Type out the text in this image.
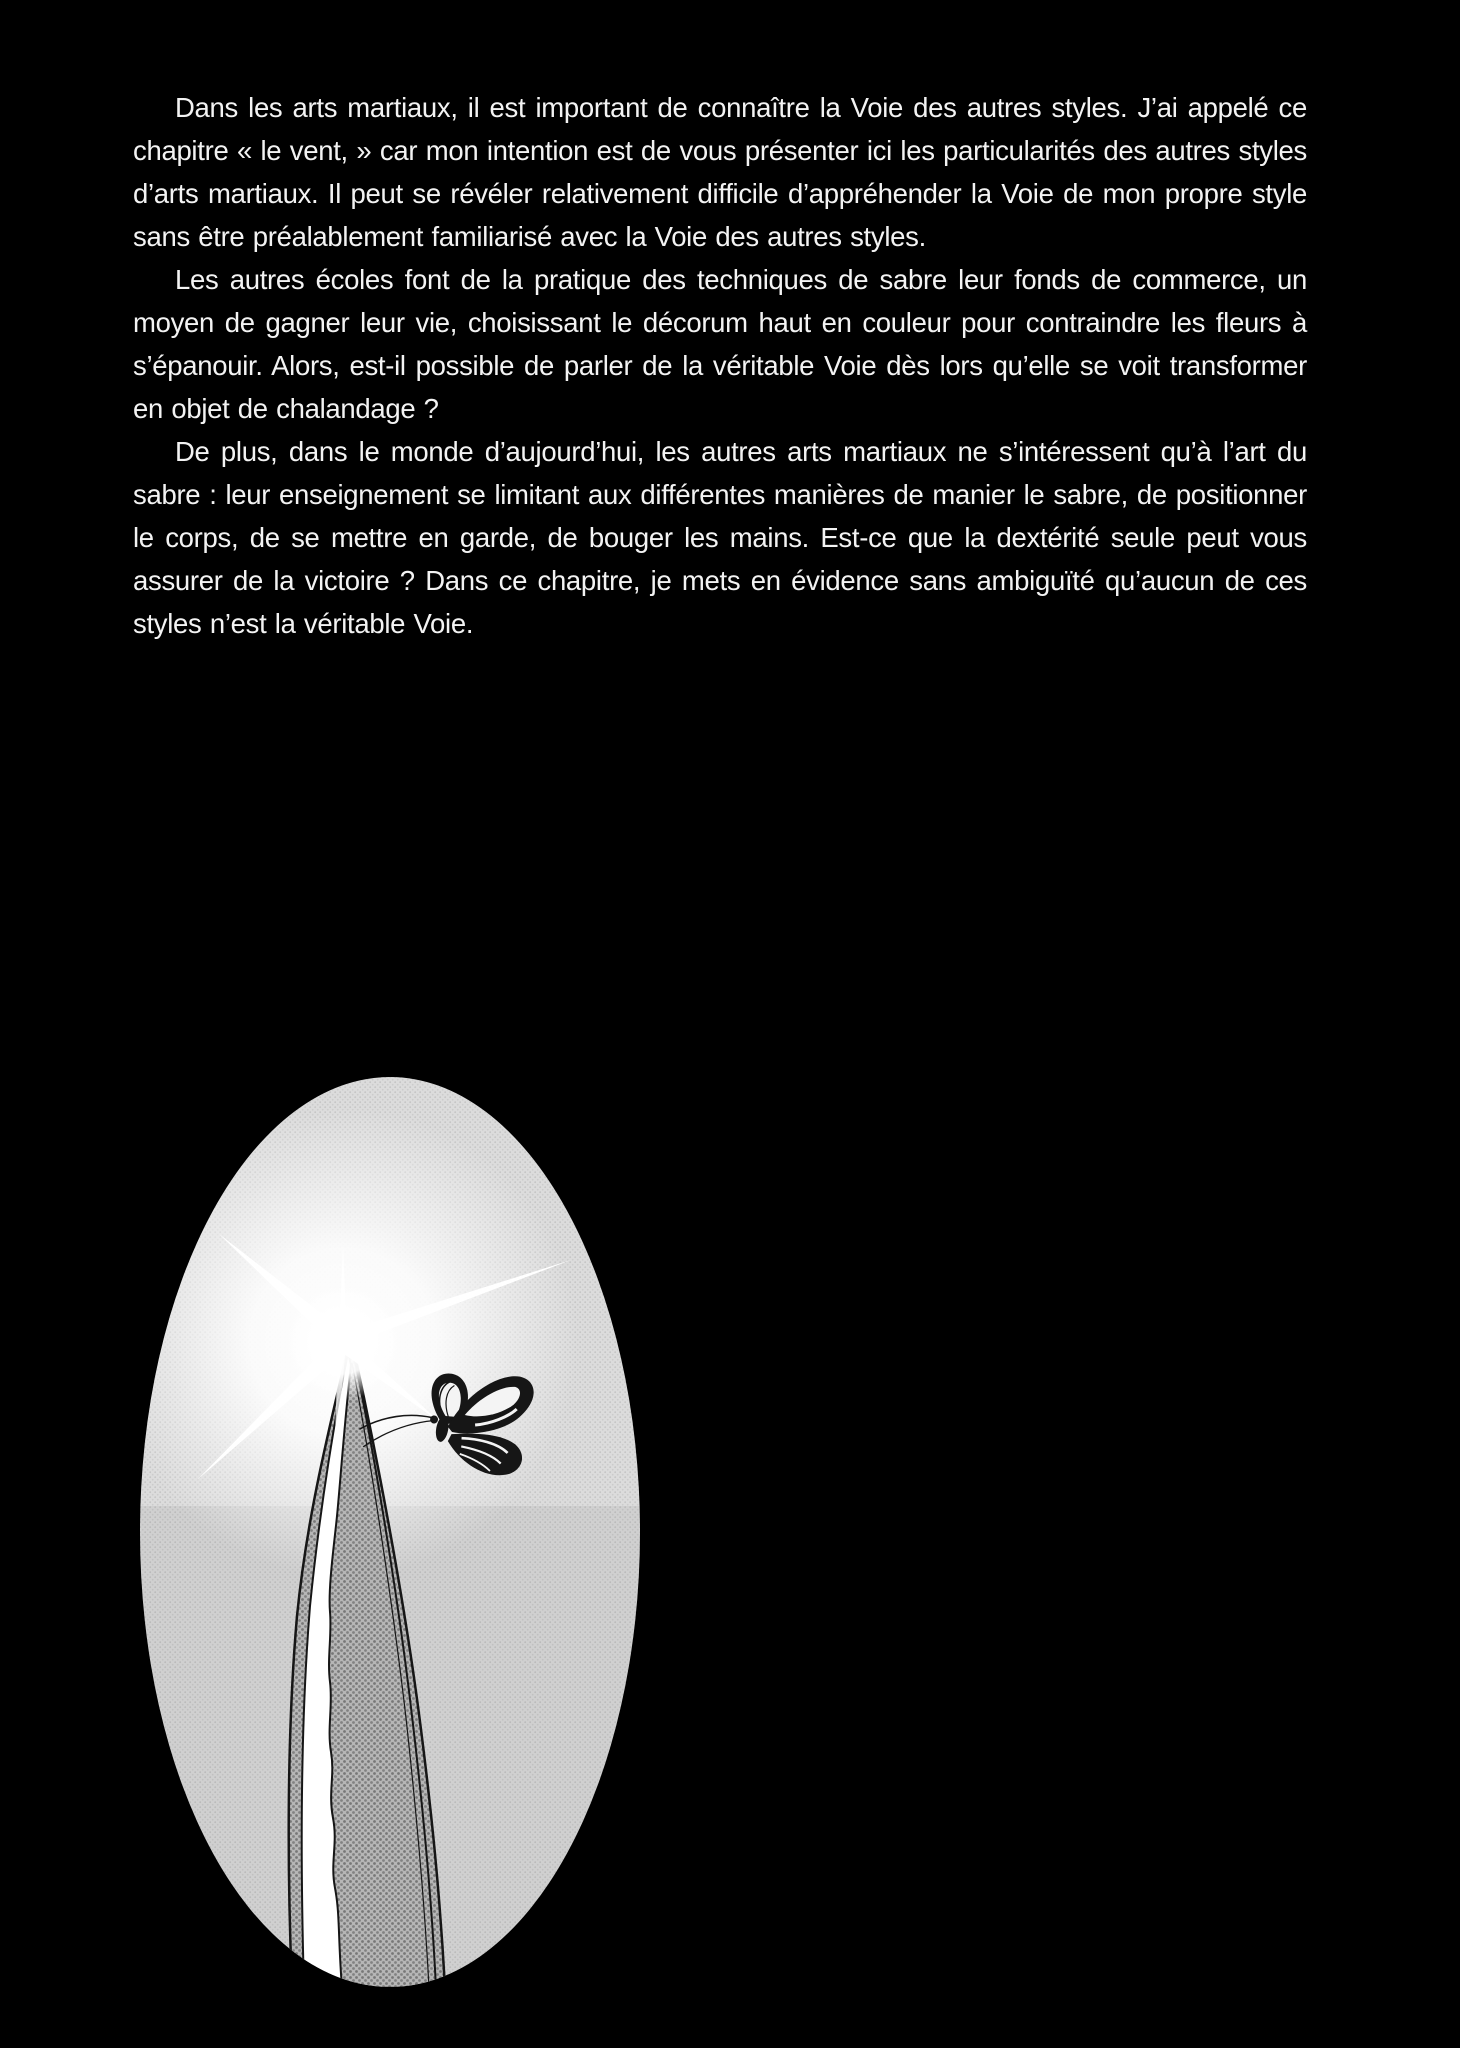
Dans les arts martiaux, il est important de connaître la Voie des autres styles. J’ai appelé ce chapitre « le vent, » car mon intention est de vous présenter ici les particularités des autres styles d’arts martiaux. Il peut se révéler relativement difficile d’appréhender la Voie de mon propre style sans être préalablement familiarisé avec la Voie des autres styles.

Les autres écoles font de la pratique des techniques de sabre leur fonds de commerce, un moyen de gagner leur vie, choisissant le décorum haut en couleur pour contraindre les fleurs à s’épanouir. Alors, est-il possible de parler de la véritable Voie dès lors qu’elle se voit transformer en objet de chalandage ?

De plus, dans le monde d’aujourd’hui, les autres arts martiaux ne s’intéressent qu’à l’art du sabre : leur enseignement se limitant aux différentes manières de manier le sabre, de positionner le corps, de se mettre en garde, de bouger les mains. Est-ce que la dextérité seule peut vous assurer de la victoire ? Dans ce chapitre, je mets en évidence sans ambiguïté qu’aucun de ces styles n’est la véritable Voie.
